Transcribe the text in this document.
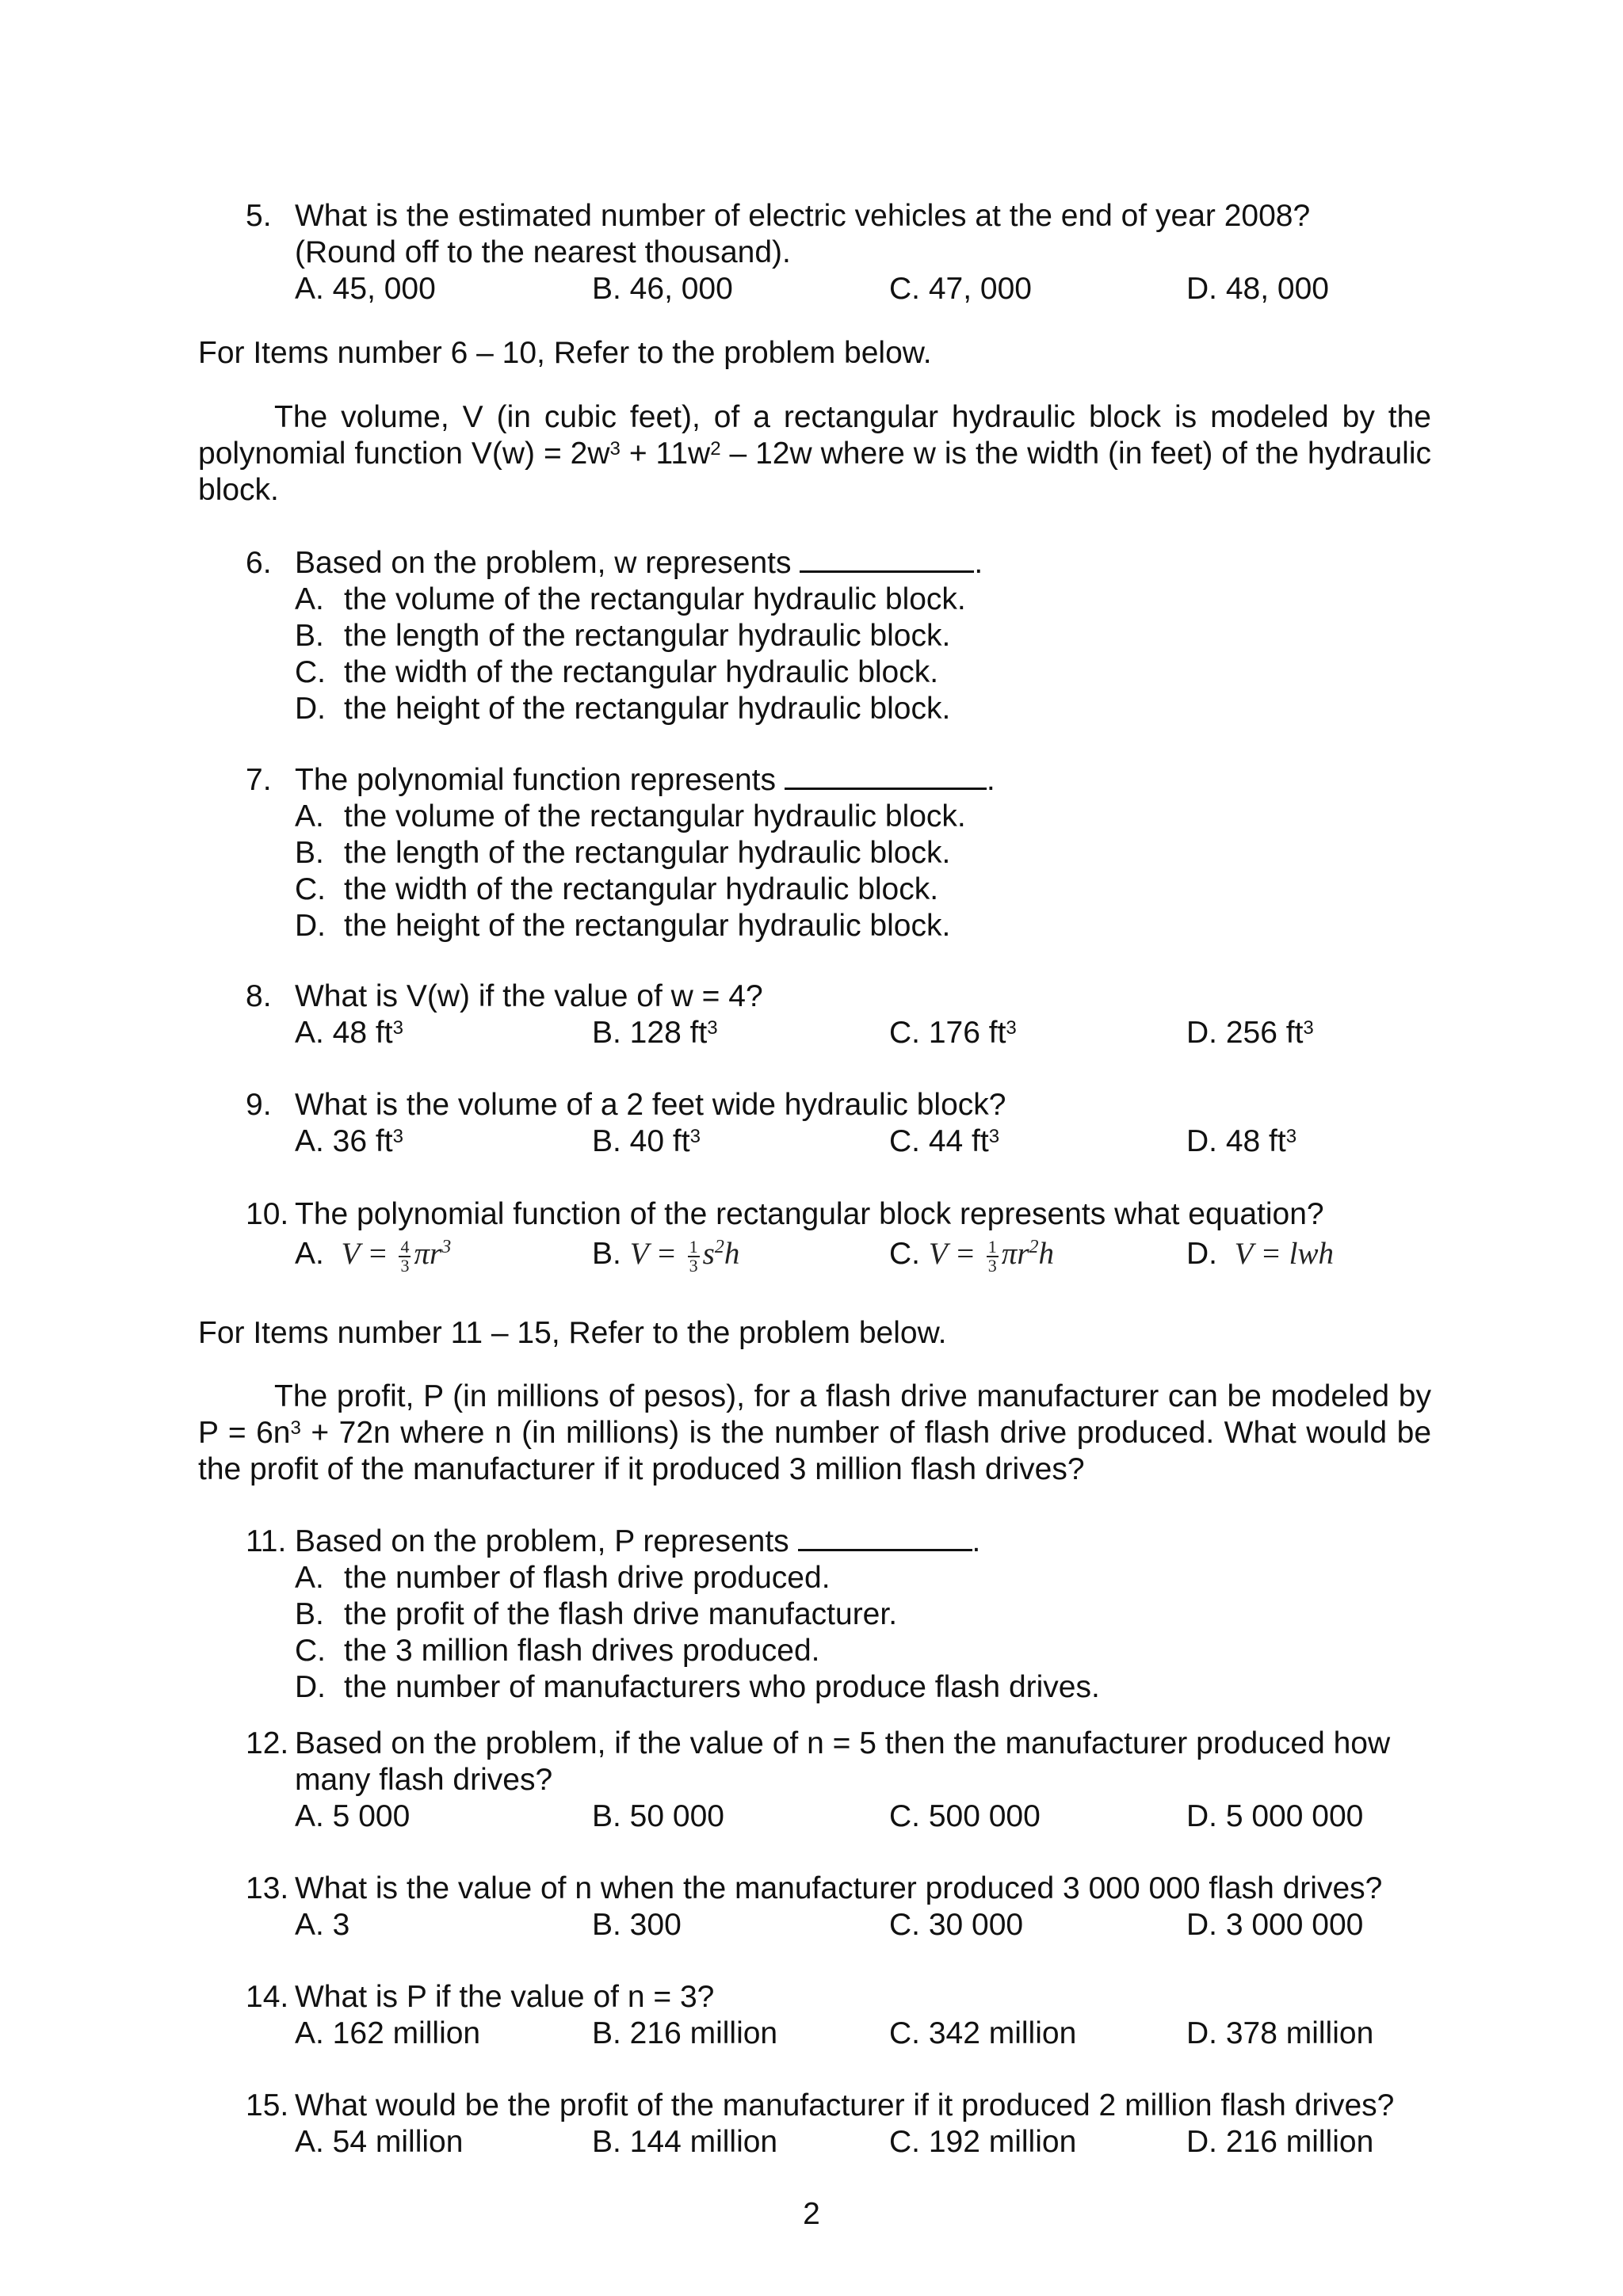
5. What is the estimated number of electric vehicles at the end of year 2008?
(Round off to the nearest thousand).
A. 45, 000	B. 46, 000	C. 47, 000	D. 48, 000
For Items number 6 – 10, Refer to the problem below.
The volume, V (in cubic feet), of a rectangular hydraulic block is modeled by the polynomial function $V(w) = 2w^3 + 11w^2 - 12w$ where w is the width (in feet) of the hydraulic block.
6. Based on the problem, w represents	.
A. the volume of the rectangular hydraulic block.
B. the length of the rectangular hydraulic block.
C. the width of the rectangular hydraulic block.
D. the height of the rectangular hydraulic block.
7. The polynomial function represents	.
A. the volume of the rectangular hydraulic block.
B. the length of the rectangular hydraulic block.
C. the width of the rectangular hydraulic block.
D. the height of the rectangular hydraulic block.
8. What is V(w) if the value of w = 4?
A. 48 $ft^3$	B. 128 $ft^3$	C. 176 $ft^3$	D. 256 $ft^3$
9. What is the volume of a 2 feet wide hydraulic block?
A. 36 $ft^3$	B. 40 $ft^3$	C. 44 $ft^3$	D. 48 $ft^3$
10. The polynomial function of the rectangular block represents what equation?
A. $V = \frac{4}{3} \pi r^3$	B. $V = \frac{1}{3} s^2h$	C. $V = \frac{1}{3} \pi r^2h$	D. V = lwh
For Items number 11 – 15, Refer to the problem below.
The profit, P (in millions of pesos), for a flash drive manufacturer can be modeled by $P = 6n^3 + 72n$ where n (in millions) is the number of flash drive produced. What would be the profit of the manufacturer if it produced 3 million flash drives?
11. Based on the problem, P represents	.
A. the number of flash drive produced.
B. the profit of the flash drive manufacturer.
C. the 3 million flash drives produced.
D. the number of manufacturers who produce flash drives.
12. Based on the problem, if the value of n = 5 then the manufacturer produced how
many flash drives?
A. 5 000	B. 50 000	C. 500 000	D. 5 000 000
13. What is the value of n when the manufacturer produced 3 000 000 flash drives?
A. 3	B. 300	C. 30 000	D. 3 000 000
14. What is P if the value of n = 3?
A. 162 million	B. 216 million	C. 342 million	D. 378 million
15. What would be the profit of the manufacturer if it produced 2 million flash drives?
A. 54 million	B. 144 million	C. 192 million	D. 216 million
2
